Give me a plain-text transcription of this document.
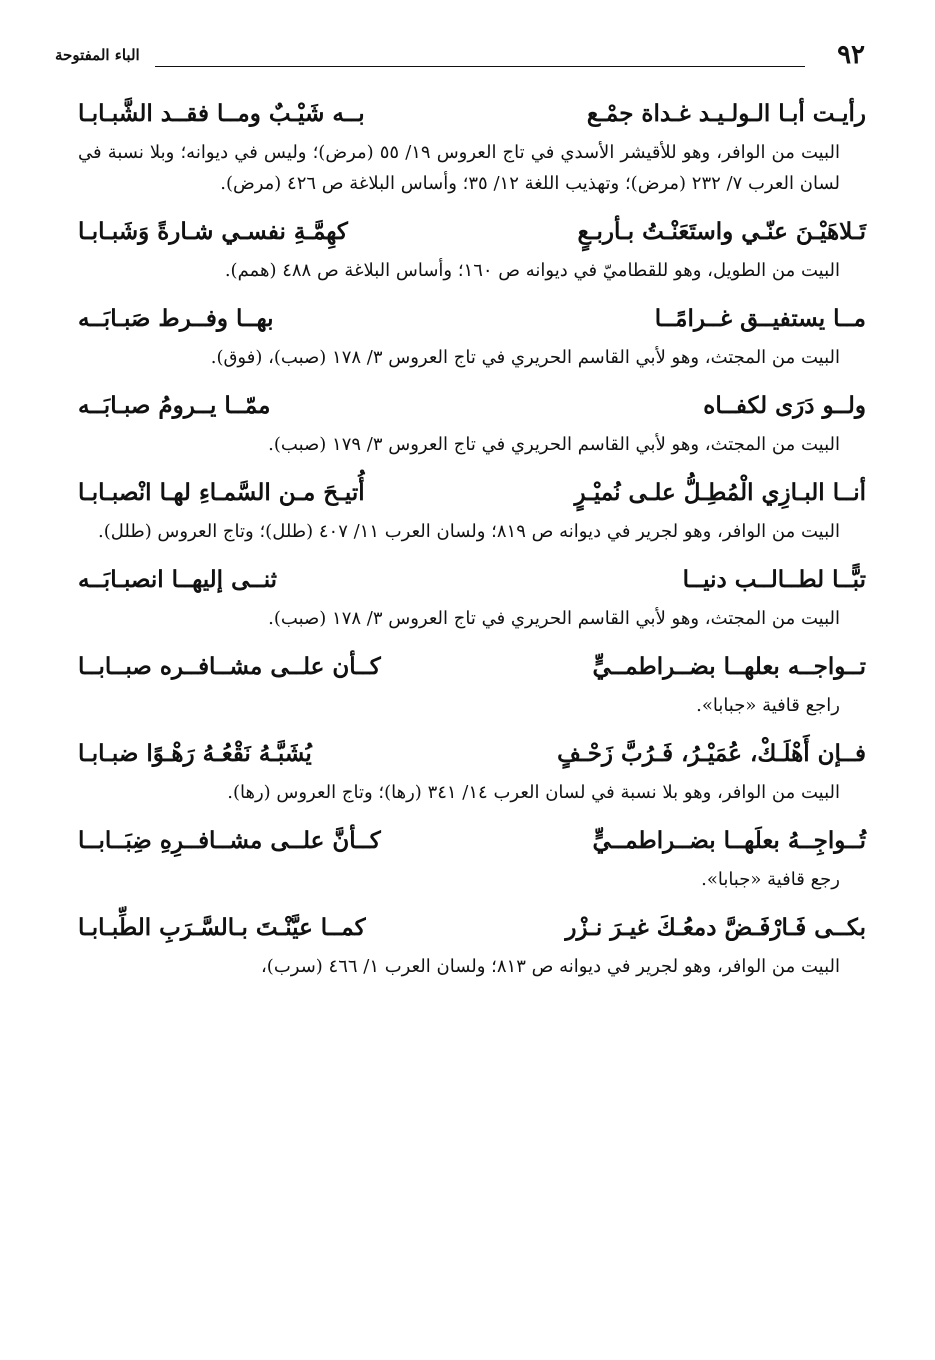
٩٢
الباء المفتوحة
رأيـت أبـا الـولـيـد غـداة جمْـع
بــه شَيْـبٌ ومــا فقــد الشَّبـابـا
البيت من الوافر، وهو للأقيشر الأسدي في تاج العروس ١٩/ ٥٥ (مرض)؛ وليس في ديوانه؛ وبلا نسبة في لسان العرب ٧/ ٢٣٢ (مرض)؛ وتهذيب اللغة ١٢/ ٣٥؛ وأساس البلاغة ص ٤٢٦ (مرض).
تَـلاهَيْـنَ عنّـي واستَعَنْـتُ بـأربـعٍ
كهِمَّـةِ نفسـي شـارةً وَشَبـابـا
البيت من الطويل، وهو للقطاميّ في ديوانه ص ١٦٠؛ وأساس البلاغة ص ٤٨٨ (همم).
مــا يستفيــق غــرامًــا
بهــا وفــرط صَبـابَــه
البيت من المجتث، وهو لأبي القاسم الحريري في تاج العروس ٣/ ١٧٨ (صبب)، (فوق).
ولــو دَرَى لكفــاه
ممّــا يــرومُ صبـابَــه
البيت من المجتث، وهو لأبي القاسم الحريري في تاج العروس ٣/ ١٧٩ (صبب).
أنــا البـازِي الْمُطِـلُّ علـى نُميْـرٍ
أُتيـحَ مـن السَّمـاءِ لهـا انْصبـابـا
البيت من الوافر، وهو لجرير في ديوانه ص ٨١٩؛ ولسان العرب ١١/ ٤٠٧ (طلل)؛ وتاج العروس (طلل).
تبًّــا لطــالــب دنيــا
ثنــى إليهــا انصبـابَــه
البيت من المجتث، وهو لأبي القاسم الحريري في تاج العروس ٣/ ١٧٨ (صبب).
تــواجــه بعلهــا بضــراطمــيٍّ
كــأن علــى مشــافــره صبــابــا
راجع قافية «جبابا».
فــإن أَهْلَـكْ، عُمَيْـرُ، فَـرُبَّ زَحْـفٍ
يُشَبَّـهُ نَقْعُـهُ رَهْـوًا ضبـابـا
البيت من الوافر، وهو بلا نسبة في لسان العرب ١٤/ ٣٤١ (رها)؛ وتاج العروس (رها).
تُــواجِــهُ بعلَهــا بضــراطمــيٍّ
كــأنَّ علــى مشــافــرِهِ ضِبَــابــا
رجع قافية «جبابا».
بكــى فَـارْفَـضَّ دمعُـكَ غيـرَ نـزْر
كمــا عيَّنْـتَ بـالسَّـرَبِ الطِّبـابـا
البيت من الوافر، وهو لجرير في ديوانه ص ٨١٣؛ ولسان العرب ١/ ٤٦٦ (سرب)،
